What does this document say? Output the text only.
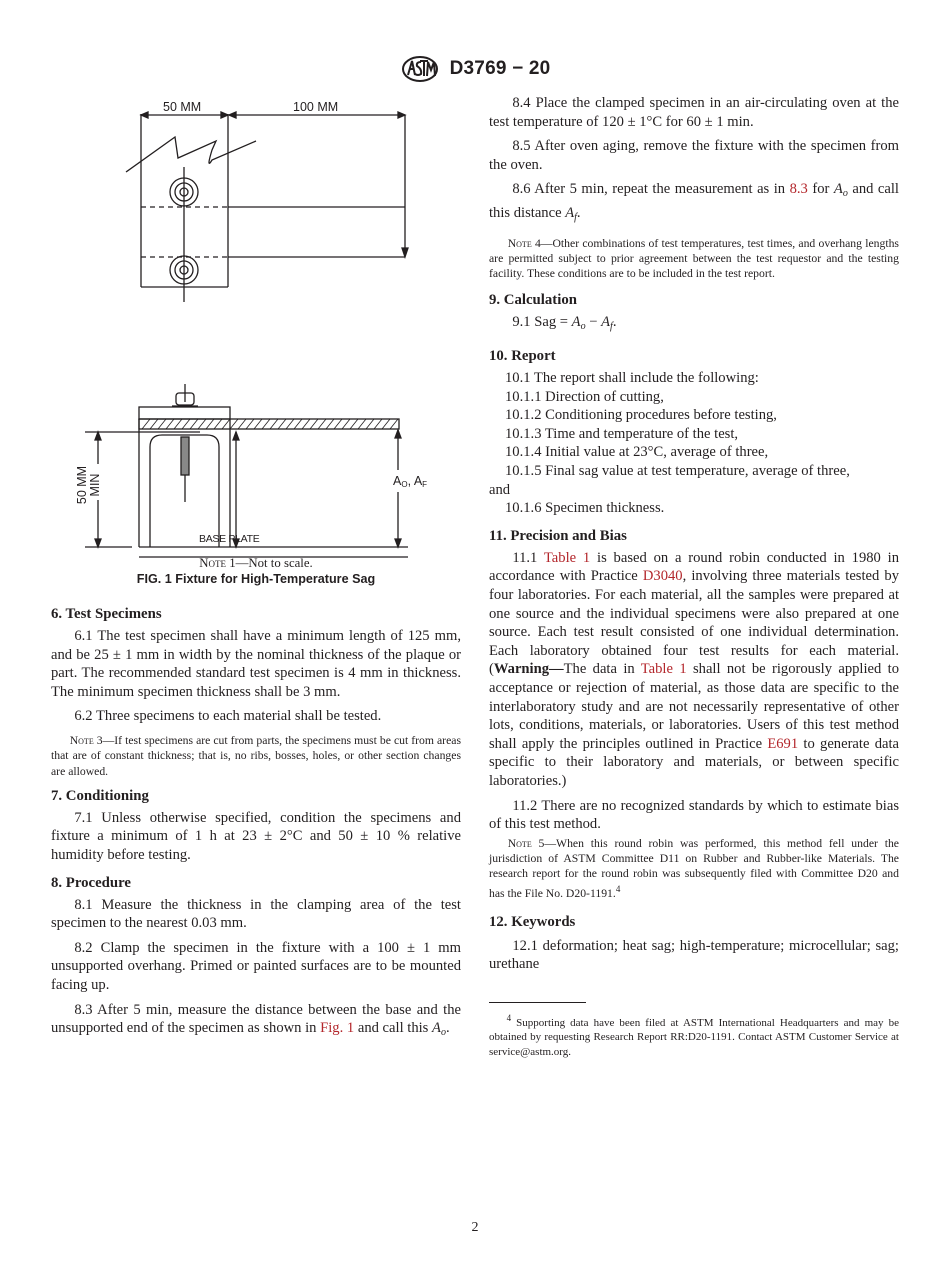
D3769 − 20
50 MM	100 MM
50 MM MIN	AO, AF
BASE PLATE
Note 1—Not to scale.
FIG. 1 Fixture for High-Temperature Sag
6. Test Specimens

6.1 The test specimen shall have a minimum length of 125 mm, and be 25 ± 1 mm in width by the nominal thickness of the plaque or part. The recommended standard test specimen is 4 mm in thickness. The minimum specimen thickness shall be 3 mm.

6.2 Three specimens to each material shall be tested.

Note 3—If test specimens are cut from parts, the specimens must be cut from areas that are of constant thickness; that is, no ribs, bosses, holes, or other section changes are allowed.

7. Conditioning

7.1 Unless otherwise specified, condition the specimens and fixture a minimum of 1 h at 23 ± 2°C and 50 ± 10 % relative humidity before testing.

8. Procedure

8.1 Measure the thickness in the clamping area of the test specimen to the nearest 0.03 mm.

8.2 Clamp the specimen in the fixture with a 100 ± 1 mm unsupported overhang. Primed or painted surfaces are to be mounted facing up.

8.3 After 5 min, measure the distance between the base and the unsupported end of the specimen as shown in Fig. 1 and call this $A_o$.

8.4 Place the clamped specimen in an air-circulating oven at the test temperature of 120 ± 1°C for 60 ± 1 min.

8.5 After oven aging, remove the fixture with the specimen from the oven.

8.6 After 5 min, repeat the measurement as in 8.3 for $A_o$ and call this distance $A_f$.

Note 4—Other combinations of test temperatures, test times, and overhang lengths are permitted subject to prior agreement between the test requestor and the testing facility. These conditions are to be included in the test report.

9. Calculation

9.1 Sag = $A_o - A_f$.

10. Report
10.1 The report shall include the following:
10.1.1 Direction of cutting,
10.1.2 Conditioning procedures before testing,
10.1.3 Time and temperature of the test,
10.1.4 Initial value at 23°C, average of three,
10.1.5 Final sag value at test temperature, average of three,
and
10.1.6 Specimen thickness.
11. Precision and Bias

11.1 Table 1 is based on a round robin conducted in 1980 in accordance with Practice D3040, involving three materials tested by four laboratories. For each material, all the samples were prepared at one source and the individual specimens were also prepared at one source. Each test result consisted of one individual determination. Each laboratory obtained four test results for each material. (Warning—The data in Table 1 shall not be rigorously applied to acceptance or rejection of material, as those data are specific to the interlaboratory study and are not necessarily representative of other lots, conditions, materials, or laboratories. Users of this test method shall apply the principles outlined in Practice E691 to generate data specific to their laboratory and materials, or between specific laboratories.)

11.2 There are no recognized standards by which to estimate bias of this test method.

Note 5—When this round robin was performed, this method fell under the jurisdiction of ASTM Committee D11 on Rubber and Rubber-like Materials. The research report for the round robin was subsequently filed with Committee D20 and has the File No. D20-1191.$^4$

12. Keywords

12.1 deformation; heat sag; high-temperature; microcellular; sag; urethane

$^4$ Supporting data have been filed at ASTM International Headquarters and may be obtained by requesting Research Report RR:D20-1191. Contact ASTM Customer Service at service@astm.org.

2
